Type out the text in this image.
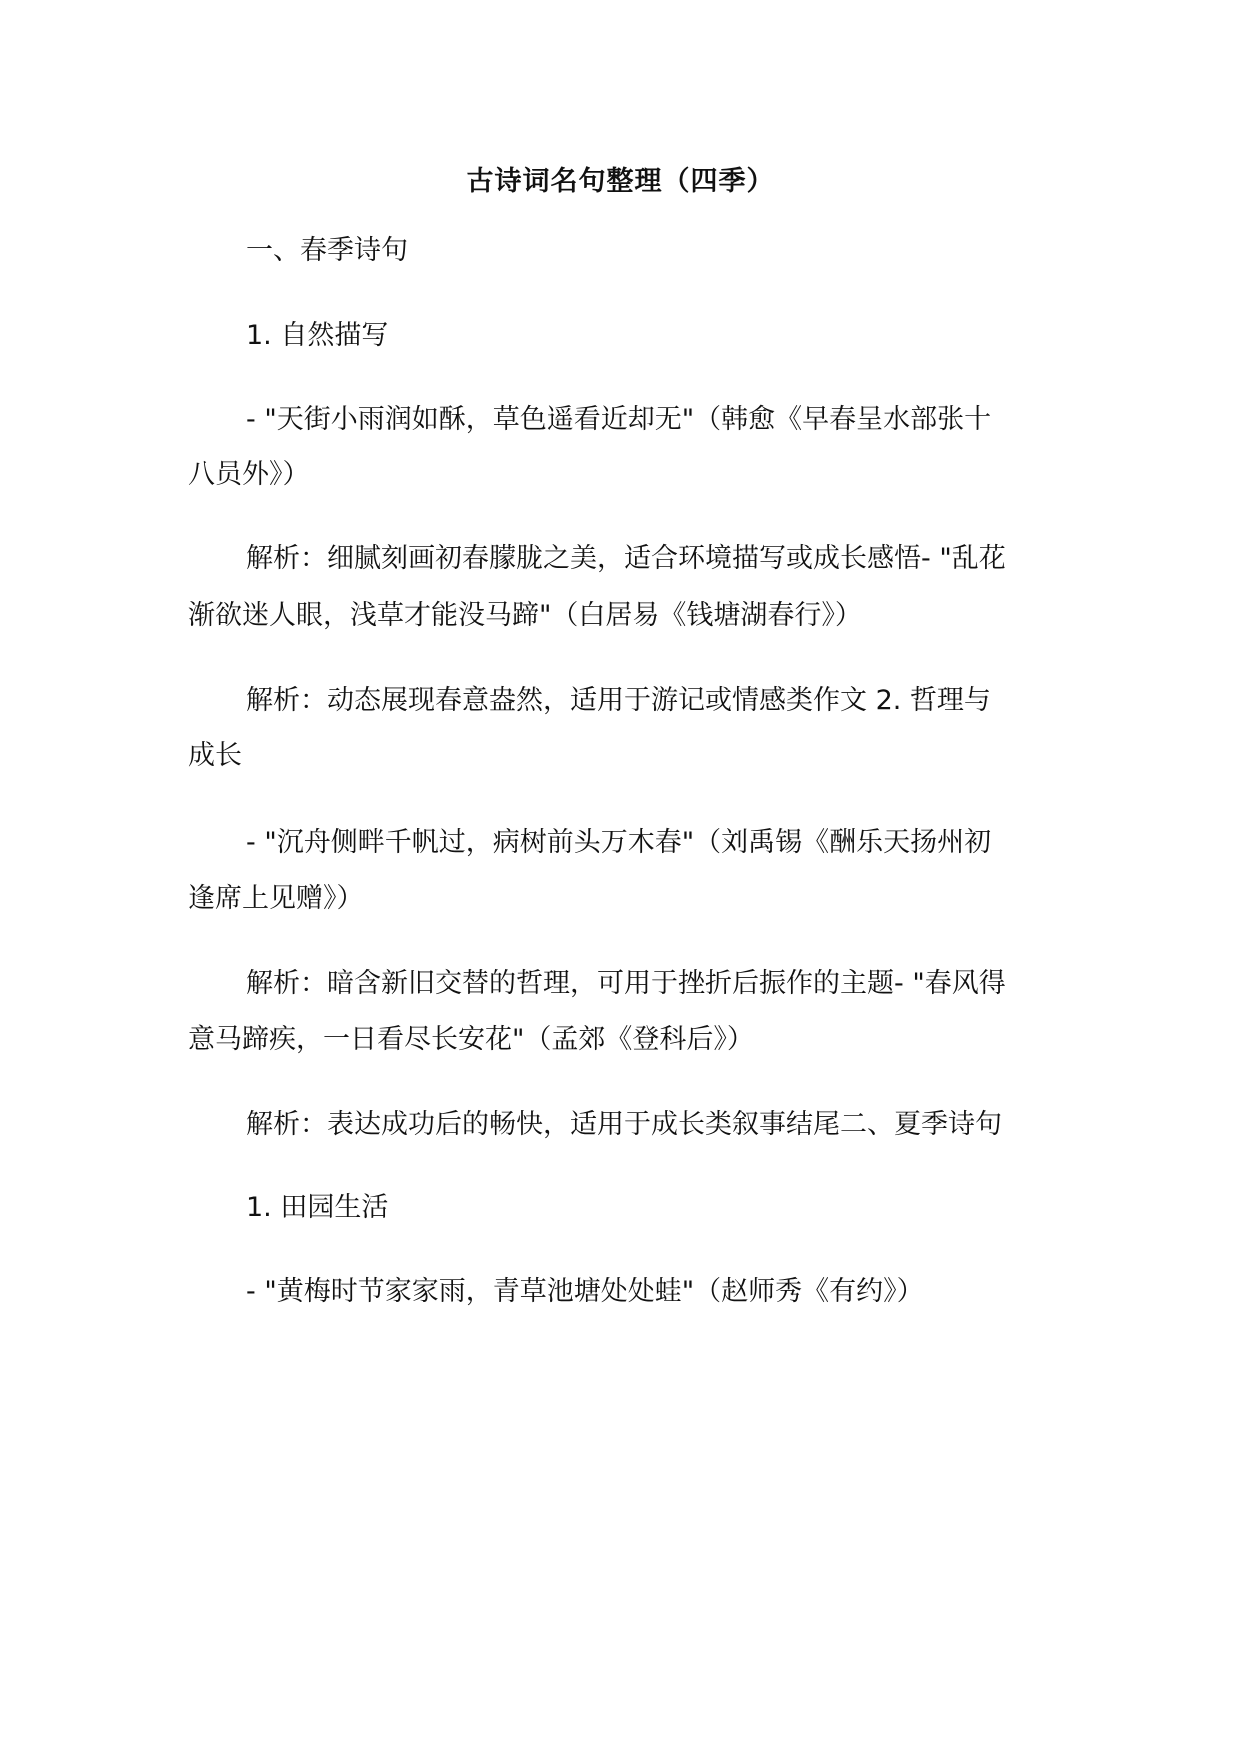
古诗词名句整理（四季）
一、春季诗句
1. 自然描写
- "天街小雨润如酥，草色遥看近却无"（韩愈《早春呈水部张十
八员外》）
解析：细腻刻画初春朦胧之美，适合环境描写或成长感悟- "乱花
渐欲迷人眼，浅草才能没马蹄"（白居易《钱塘湖春行》）
解析：动态展现春意盎然，适用于游记或情感类作文 2. 哲理与
成长
- "沉舟侧畔千帆过，病树前头万木春"（刘禹锡《酬乐天扬州初
逢席上见赠》）
解析：暗含新旧交替的哲理，可用于挫折后振作的主题- "春风得
意马蹄疾，一日看尽长安花"（孟郊《登科后》）
解析：表达成功后的畅快，适用于成长类叙事结尾二、夏季诗句
1. 田园生活
- "黄梅时节家家雨，青草池塘处处蛙"（赵师秀《有约》）
